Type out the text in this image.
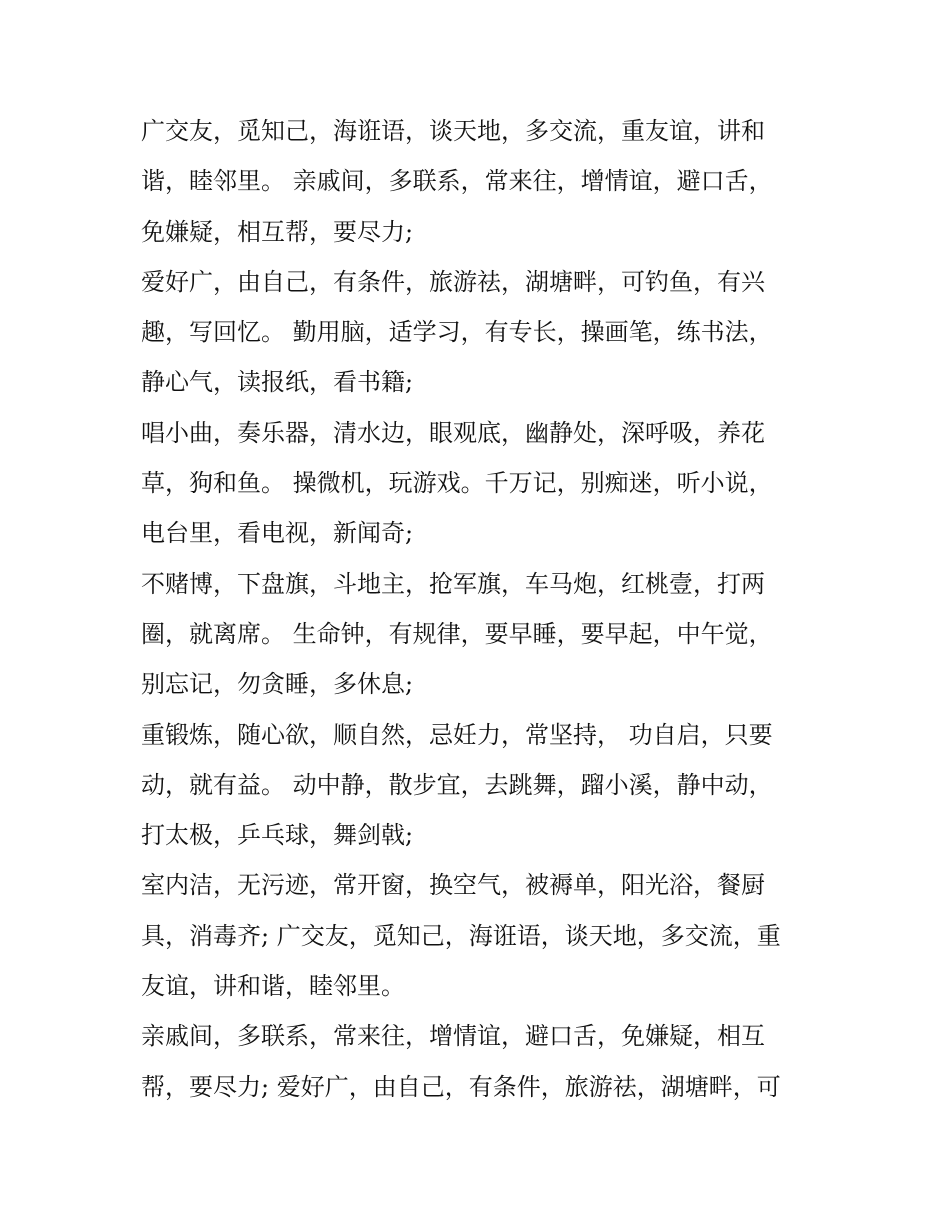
广交友，觅知己，海诳语，谈天地，多交流，重友谊，讲和
谐，睦邻里。 亲戚间，多联系，常来往，增情谊，避口舌，
免嫌疑，相互帮，要尽力;
爱好广，由自己，有条件，旅游祛，湖塘畔，可钓鱼，有兴
趣，写回忆。 勤用脑，适学习，有专长，操画笔，练书法，
静心气，读报纸，看书籍;
唱小曲，奏乐器，清水边，眼观底，幽静处，深呼吸，养花
草，狗和鱼。 操微机，玩游戏。千万记，别痴迷，听小说，
电台里，看电视，新闻奇;
不赌博，下盘旗，斗地主，抢军旗，车马炮，红桃壹，打两
圈，就离席。 生命钟，有规律，要早睡，要早起，中午觉，
别忘记，勿贪睡，多休息;
重锻炼，随心欲，顺自然，忌妊力，常坚持， 功自启，只要
动，就有益。 动中静，散步宜，去跳舞，蹓小溪，静中动，
打太极，乒乓球，舞剑戟;
室内洁，无污迹，常开窗，换空气，被褥单，阳光浴，餐厨
具，消毒齐; 广交友，觅知己，海诳语，谈天地，多交流，重
友谊，讲和谐，睦邻里。
亲戚间，多联系，常来往，增情谊，避口舌，免嫌疑，相互
帮，要尽力; 爱好广，由自己，有条件，旅游祛，湖塘畔，可
